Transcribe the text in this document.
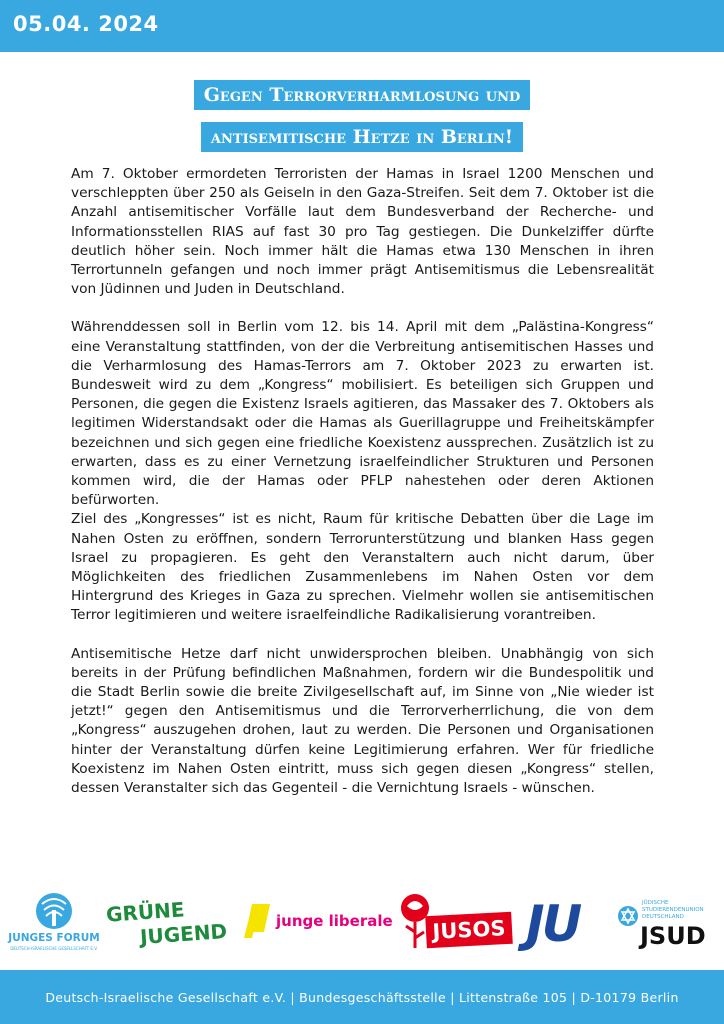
05.04. 2024
Gegen Terrorverharmlosung und
antisemitische Hetze in Berlin!

Am 7. Oktober ermordeten Terroristen der Hamas in Israel 1200 Menschen und verschleppten über 250 als Geiseln in den Gaza-Streifen. Seit dem 7. Oktober ist die Anzahl antisemitischer Vorfälle laut dem Bundesverband der Recherche- und Informationsstellen RIAS auf fast 30 pro Tag gestiegen. Die Dunkelziffer dürfte deutlich höher sein. Noch immer hält die Hamas etwa 130 Menschen in ihren Terrortunneln gefangen und noch immer prägt Antisemitismus die Lebensrealität von Jüdinnen und Juden in Deutschland.

Währenddessen soll in Berlin vom 12. bis 14. April mit dem „Palästina-Kongress“ eine Veranstaltung stattfinden, von der die Verbreitung antisemitischen Hasses und die Verharmlosung des Hamas-Terrors am 7. Oktober 2023 zu erwarten ist. Bundesweit wird zu dem „Kongress“ mobilisiert. Es beteiligen sich Gruppen und Personen, die gegen die Existenz Israels agitieren, das Massaker des 7. Oktobers als legitimen Widerstandsakt oder die Hamas als Guerillagruppe und Freiheitskämpfer bezeichnen und sich gegen eine friedliche Koexistenz aussprechen. Zusätzlich ist zu erwarten, dass es zu einer Vernetzung israelfeindlicher Strukturen und Personen kommen wird, die der Hamas oder PFLP nahestehen oder deren Aktionen befürworten.

Ziel des „Kongresses“ ist es nicht, Raum für kritische Debatten über die Lage im Nahen Osten zu eröffnen, sondern Terrorunterstützung und blanken Hass gegen Israel zu propagieren. Es geht den Veranstaltern auch nicht darum, über Möglichkeiten des friedlichen Zusammenlebens im Nahen Osten vor dem Hintergrund des Krieges in Gaza zu sprechen. Vielmehr wollen sie antisemitischen Terror legitimieren und weitere israelfeindliche Radikalisierung vorantreiben.

Antisemitische Hetze darf nicht unwidersprochen bleiben. Unabhängig von sich bereits in der Prüfung befindlichen Maßnahmen, fordern wir die Bundespolitik und die Stadt Berlin sowie die breite Zivilgesellschaft auf, im Sinne von „Nie wieder ist jetzt!“ gegen den Antisemitismus und die Terrorverherrlichung, die von dem „Kongress“ auszugehen drohen, laut zu werden. Die Personen und Organisationen hinter der Veranstaltung dürfen keine Legitimierung erfahren. Wer für friedliche Koexistenz im Nahen Osten eintritt, muss sich gegen diesen „Kongress“ stellen, dessen Veranstalter sich das Gegenteil - die Vernichtung Israels - wünschen.

JUNGES FORUM
DEUTSCH-ISRAELISCHE GESELLSCHAFT E.V.
GRÜNE
JUGEND	junge liberale	JUSOS JU	JÜDISCHE
STUDIERENDENUNION
DEUTSCHLAND
JSUD
Deutsch-Israelische Gesellschaft e.V. | Bundesgeschäftsstelle | Littenstraße 105 | D-10179 Berlin
